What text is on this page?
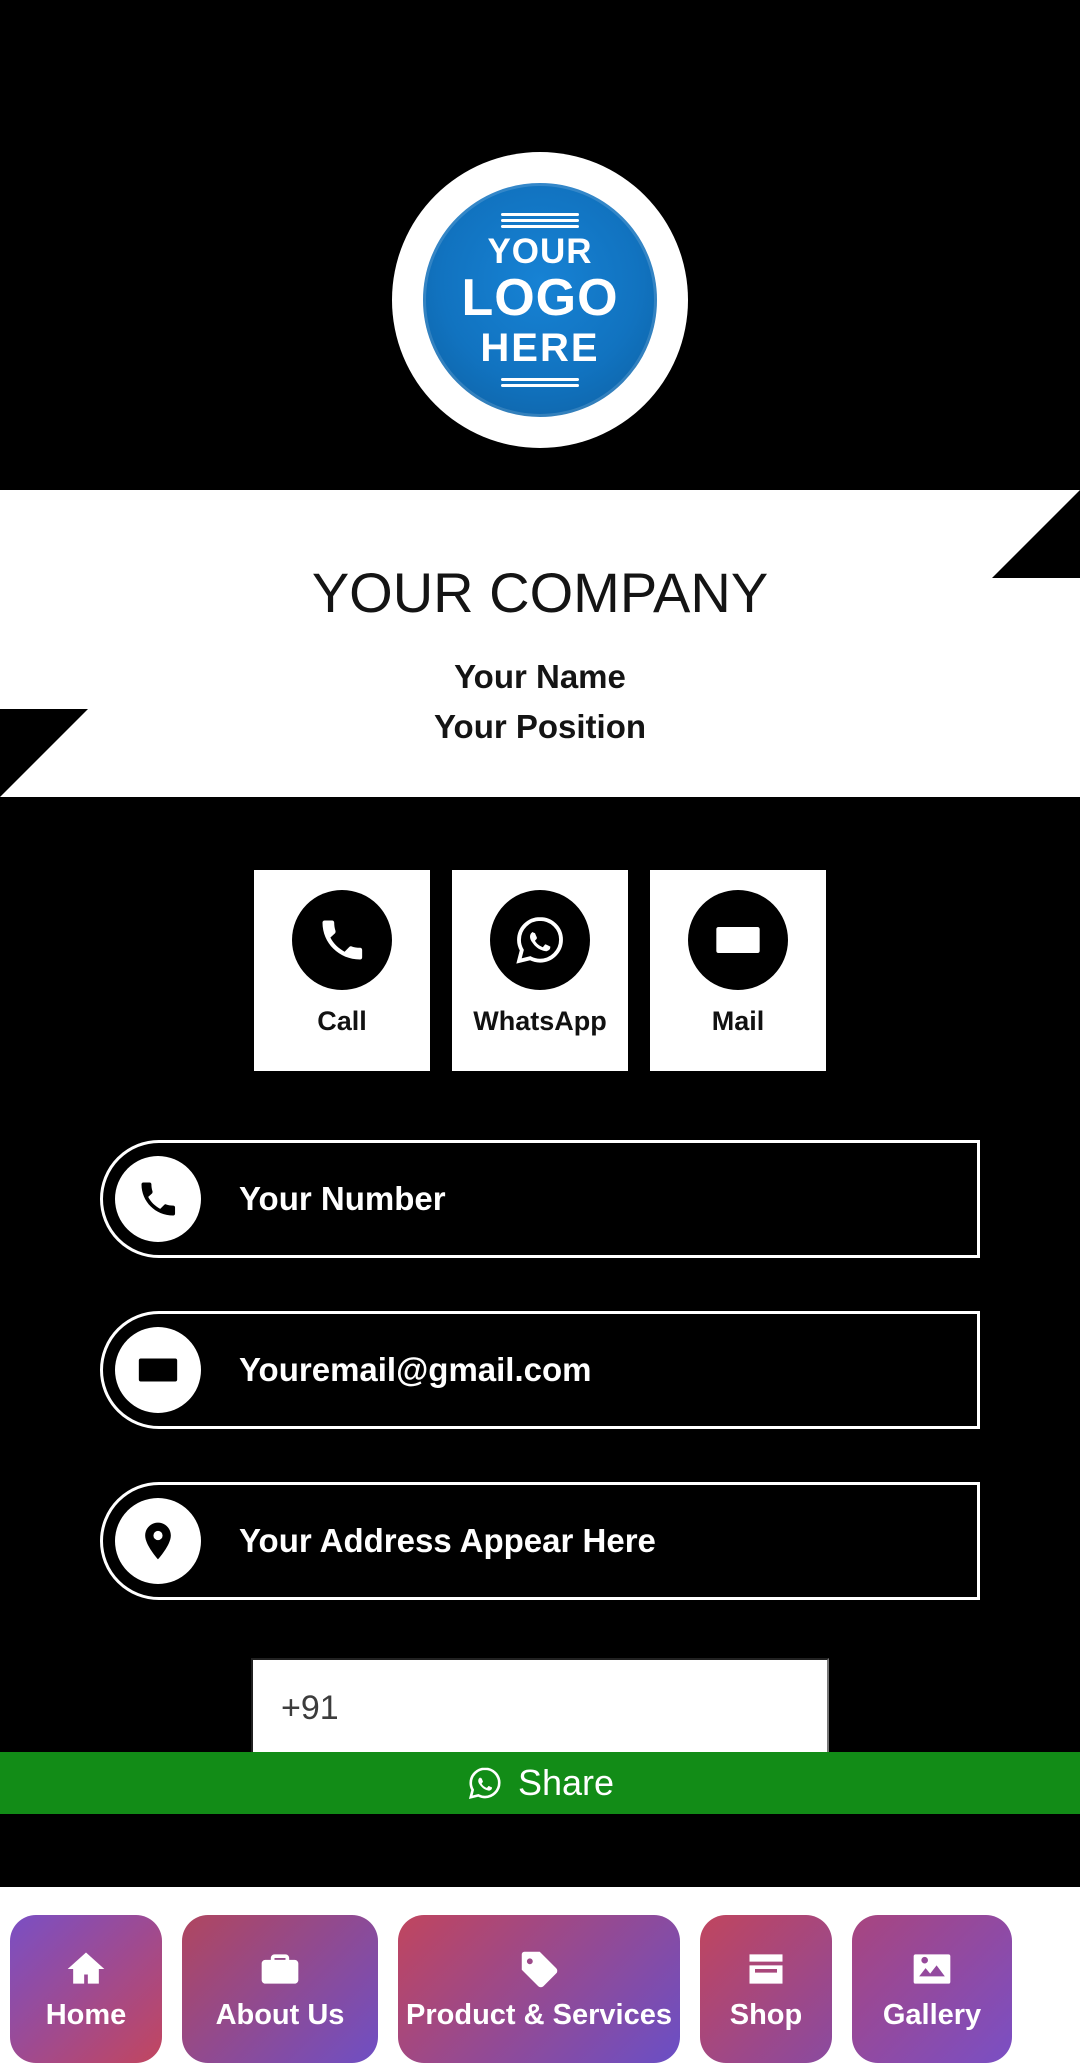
YOUR
LOGO
HERE
YOUR COMPANY
Your Name
Your Position
Call	WhatsApp	Mail
Your Number
Youremail@gmail.com
Your Address Appear Here
+91
Share
Home	About Us Product & Services Shop	Gallery
